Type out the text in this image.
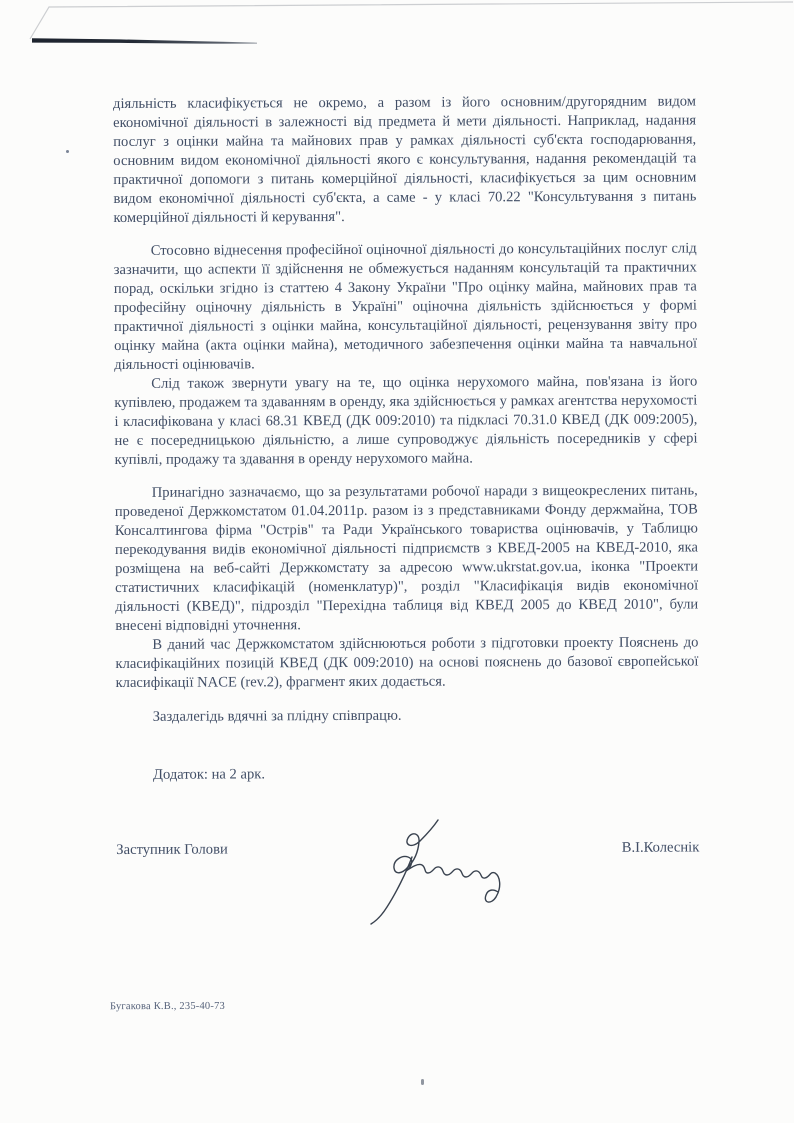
діяльність класифікується не окремо, а разом із його основним/другорядним видом економічної діяльності в залежності від предмета й мети діяльності. Наприклад, надання послуг з оцінки майна та майнових прав у рамках діяльності суб'єкта господарювання, основним видом економічної діяльності якого є консультування, надання рекомендацій та практичної допомоги з питань комерційної діяльності, класифікується за цим основним видом економічної діяльності суб'єкта, а саме - у класі 70.22 "Консультування з питань комерційної діяльності й керування".

Стосовно віднесення професійної оціночної діяльності до консультаційних послуг слід зазначити, що аспекти її здійснення не обмежується наданням консультацій та практичних порад, оскільки згідно із статтею 4 Закону України "Про оцінку майна, майнових прав та професійну оціночну діяльність в Україні" оціночна діяльність здійснюється у формі практичної діяльності з оцінки майна, консультаційної діяльності, рецензування звіту про оцінку майна (акта оцінки майна), методичного забезпечення оцінки майна та навчальної діяльності оцінювачів.

Слід також звернути увагу на те, що оцінка нерухомого майна, пов'язана із його купівлею, продажем та здаванням в оренду, яка здійснюється у рамках агентства нерухомості і класифікована у класі 68.31 КВЕД (ДК 009:2010) та підкласі 70.31.0 КВЕД (ДК 009:2005), не є посередницькою діяльністю, а лише супроводжує діяльність посередників у сфері купівлі, продажу та здавання в оренду нерухомого майна.

Принагідно зазначаємо, що за результатами робочої наради з вищеокреслених питань, проведеної Держкомстатом 01.04.2011р. разом із з представниками Фонду держмайна, ТОВ Консалтингова фірма "Острів" та Ради Українського товариства оцінювачів, у Таблицю перекодування видів економічної діяльності підприємств з КВЕД-2005 на КВЕД-2010, яка розміщена на веб-сайті Держкомстату за адресою www.ukrstat.gov.ua, іконка "Проекти статистичних класифікацій (номенклатур)", розділ "Класифікація видів економічної діяльності (КВЕД)", підрозділ "Перехідна таблиця від КВЕД 2005 до КВЕД 2010", були внесені відповідні уточнення.

В даний час Держкомстатом здійснюються роботи з підготовки проекту Пояснень до класифікаційних позицій КВЕД (ДК 009:2010) на основі пояснень до базової європейської класифікації NACE (rev.2), фрагмент яких додається.

Заздалегідь вдячні за плідну співпрацю.

Додаток: на 2 арк.

Заступник Голови	В.І.Колеснік
Бугакова К.В., 235-40-73
